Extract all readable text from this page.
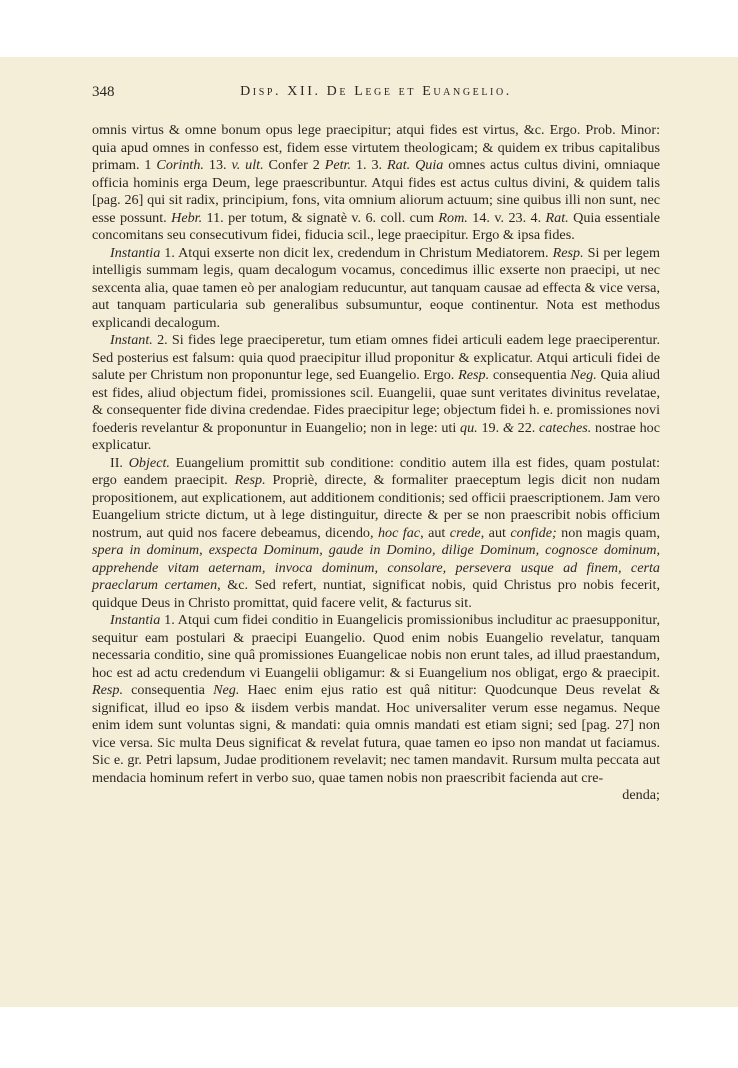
348	Disp. XII. De Lege et Euangelio.

omnis virtus & omne bonum opus lege praecipitur; atqui fides est virtus, &c. Ergo. Prob. Minor: quia apud omnes in confesso est, fidem esse virtutem theologicam; & quidem ex tribus capitalibus primam. 1 Corinth. 13. v. ult. Confer 2 Petr. 1. 3. Rat. Quia omnes actus cultus divini, omniaque officia hominis erga Deum, lege praescribuntur. Atqui fides est actus cultus divini, & quidem talis [pag. 26] qui sit radix, principium, fons, vita omnium aliorum actuum; sine quibus illi non sunt, nec esse possunt. Hebr. 11. per totum, & signatè v. 6. coll. cum Rom. 14. v. 23. 4. Rat. Quia essentiale concomitans seu consecutivum fidei, fiducia scil., lege praecipitur. Ergo & ipsa fides.

Instantia 1. Atqui exserte non dicit lex, credendum in Christum Mediatorem. Resp. Si per legem intelligis summam legis, quam decalogum vocamus, concedimus illic exserte non praecipi, ut nec sexcenta alia, quae tamen eò per analogiam reducuntur, aut tanquam causae ad effecta & vice versa, aut tanquam particularia sub generalibus subsumuntur, eoque continentur. Nota est methodus explicandi decalogum.

Instant. 2. Si fides lege praeciperetur, tum etiam omnes fidei articuli eadem lege praeciperentur. Sed posterius est falsum: quia quod praecipitur illud proponitur & explicatur. Atqui articuli fidei de salute per Christum non proponuntur lege, sed Euangelio. Ergo. Resp. consequentia Neg. Quia aliud est fides, aliud objectum fidei, promissiones scil. Euangelii, quae sunt veritates divinitus revelatae, & consequenter fide divina credendae. Fides praecipitur lege; objectum fidei h. e. promissiones novi foederis revelantur & proponuntur in Euangelio; non in lege: uti qu. 19. & 22. cateches. nostrae hoc explicatur.

II. Object. Euangelium promittit sub conditione: conditio autem illa est fides, quam postulat: ergo eandem praecipit. Resp. Propriè, directe, & formaliter praeceptum legis dicit non nudam propositionem, aut explicationem, aut additionem conditionis; sed officii praescriptionem. Jam vero Euangelium stricte dictum, ut à lege distinguitur, directe & per se non praescribit nobis officium nostrum, aut quid nos facere debeamus, dicendo, hoc fac, aut crede, aut confide; non magis quam, spera in dominum, exspecta Dominum, gaude in Domino, dilige Dominum, cognosce dominum, apprehende vitam aeternam, invoca dominum, consolare, persevera usque ad finem, certa praeclarum certamen, &c. Sed refert, nuntiat, significat nobis, quid Christus pro nobis fecerit, quidque Deus in Christo promittat, quid facere velit, & facturus sit.

Instantia 1. Atqui cum fidei conditio in Euangelicis promissionibus includitur ac praesupponitur, sequitur eam postulari & praecipi Euangelio. Quod enim nobis Euangelio revelatur, tanquam necessaria conditio, sine quâ promissiones Euangelicae nobis non erunt tales, ad illud praestandum, hoc est ad actu credendum vi Euangelii obligamur: & si Euangelium nos obligat, ergo & praecipit. Resp. consequentia Neg. Haec enim ejus ratio est quâ nititur: Quodcunque Deus revelat & significat, illud eo ipso & iisdem verbis mandat. Hoc universaliter verum esse negamus. Neque enim idem sunt voluntas signi, & mandati: quia omnis mandati est etiam signi; sed [pag. 27] non vice versa. Sic multa Deus significat & revelat futura, quae tamen eo ipso non mandat ut faciamus. Sic e. gr. Petri lapsum, Judae proditionem revelavit; nec tamen mandavit. Rursum multa peccata aut mendacia hominum refert in verbo suo, quae tamen nobis non praescribit facienda aut cre-

denda;
